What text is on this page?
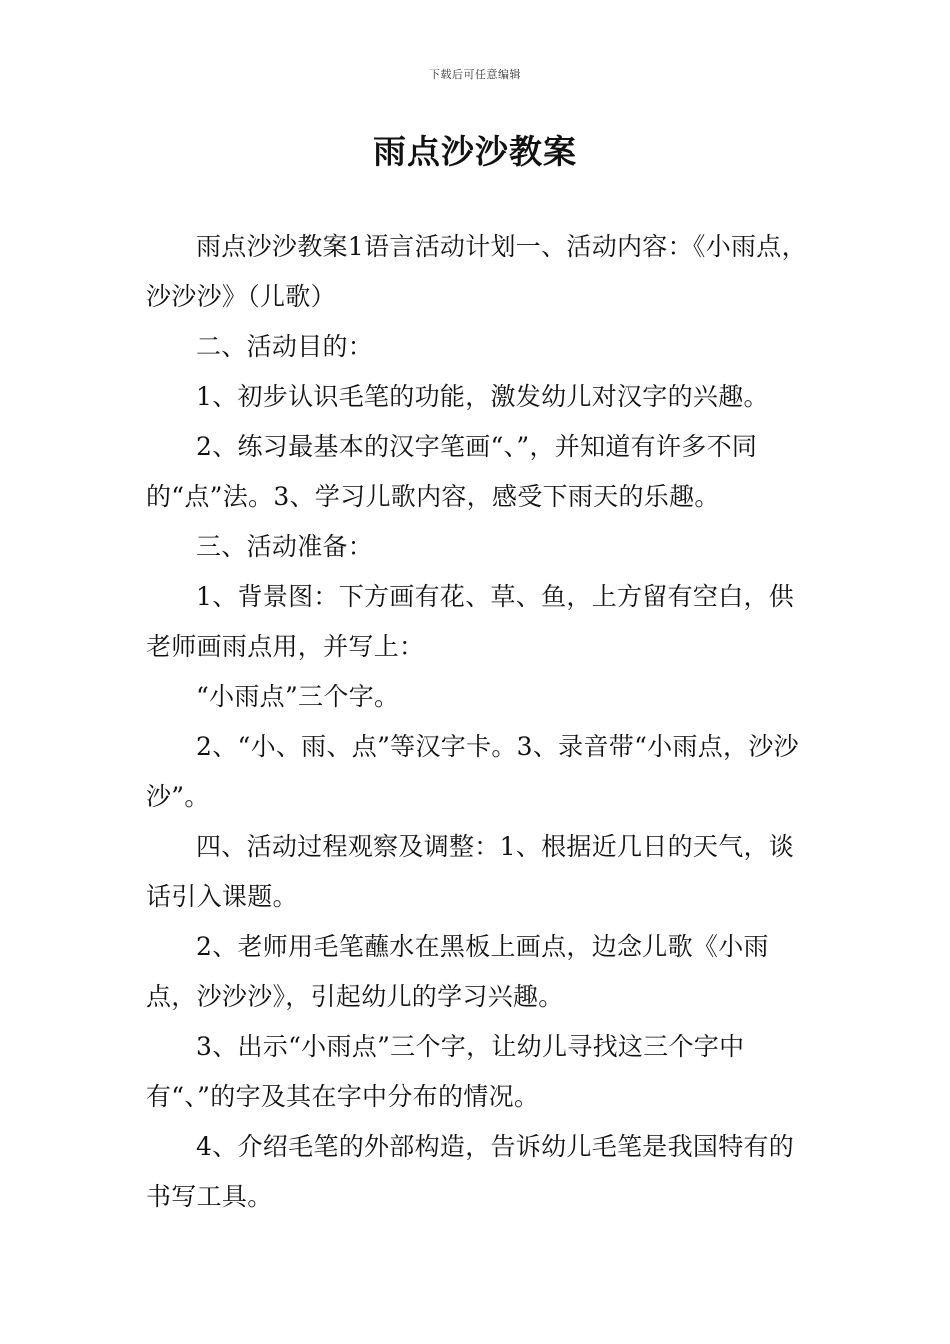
下载后可任意编辑
雨点沙沙教案

雨点沙沙教案1语言活动计划一、活动内容：《小雨点，沙沙沙》（儿歌）

二、活动目的：

1、初步认识毛笔的功能，激发幼儿对汉字的兴趣。

2、练习最基本的汉字笔画“、”，并知道有许多不同的“点”法。3、学习儿歌内容，感受下雨天的乐趣。

三、活动准备：

1、背景图：下方画有花、草、鱼，上方留有空白，供老师画雨点用，并写上：

“小雨点”三个字。

2、“小、雨、点”等汉字卡。3、录音带“小雨点，沙沙沙”。

四、活动过程观察及调整：1、根据近几日的天气，谈话引入课题。

2、老师用毛笔蘸水在黑板上画点，边念儿歌《小雨点，沙沙沙》，引起幼儿的学习兴趣。

3、出示“小雨点”三个字，让幼儿寻找这三个字中有“、”的字及其在字中分布的情况。

4、介绍毛笔的外部构造，告诉幼儿毛笔是我国特有的书写工具。
